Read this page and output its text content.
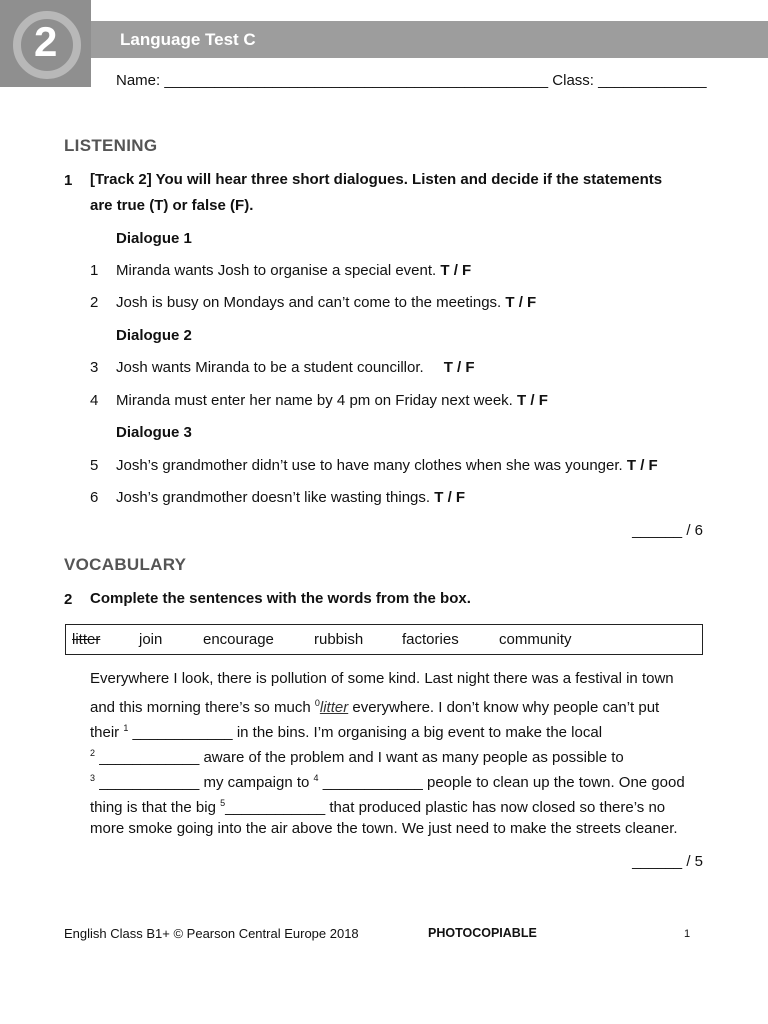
2	Language Test C
Name: ______________________________________________ Class: _____________
LISTENING
1 [Track 2] You will hear three short dialogues. Listen and decide if the statements
are true (T) or false (F).
Dialogue 1
1 Miranda wants Josh to organise a special event. T / F
2 Josh is busy on Mondays and can’t come to the meetings. T / F
Dialogue 2
3 Josh wants Miranda to be a student councillor. T / F
4 Miranda must enter her name by 4 pm on Friday next week. T / F
Dialogue 3
5 Josh’s grandmother didn’t use to have many clothes when she was younger. T / F
6 Josh’s grandmother doesn’t like wasting things. T / F
______ / 6
VOCABULARY
2 Complete the sentences with the words from the box.
litter	join	encourage	rubbish	factories	community
Everywhere I look, there is pollution of some kind. Last night there was a festival in town
and this morning there’s so much $^0$litter everywhere. I don’t know why people can’t put
their $^1$ ____________ in the bins. I’m organising a big event to make the local
$^2$ ____________ aware of the problem and I want as many people as possible to
$^3$ ____________ my campaign to $^4$ ____________ people to clean up the town. One good
thing is that the big $^5$____________ that produced plastic has now closed so there’s no
more smoke going into the air above the town. We just need to make the streets cleaner.
______ / 5
English Class B1+ © Pearson Central Europe 2018	PHOTOCOPIABLE	1
